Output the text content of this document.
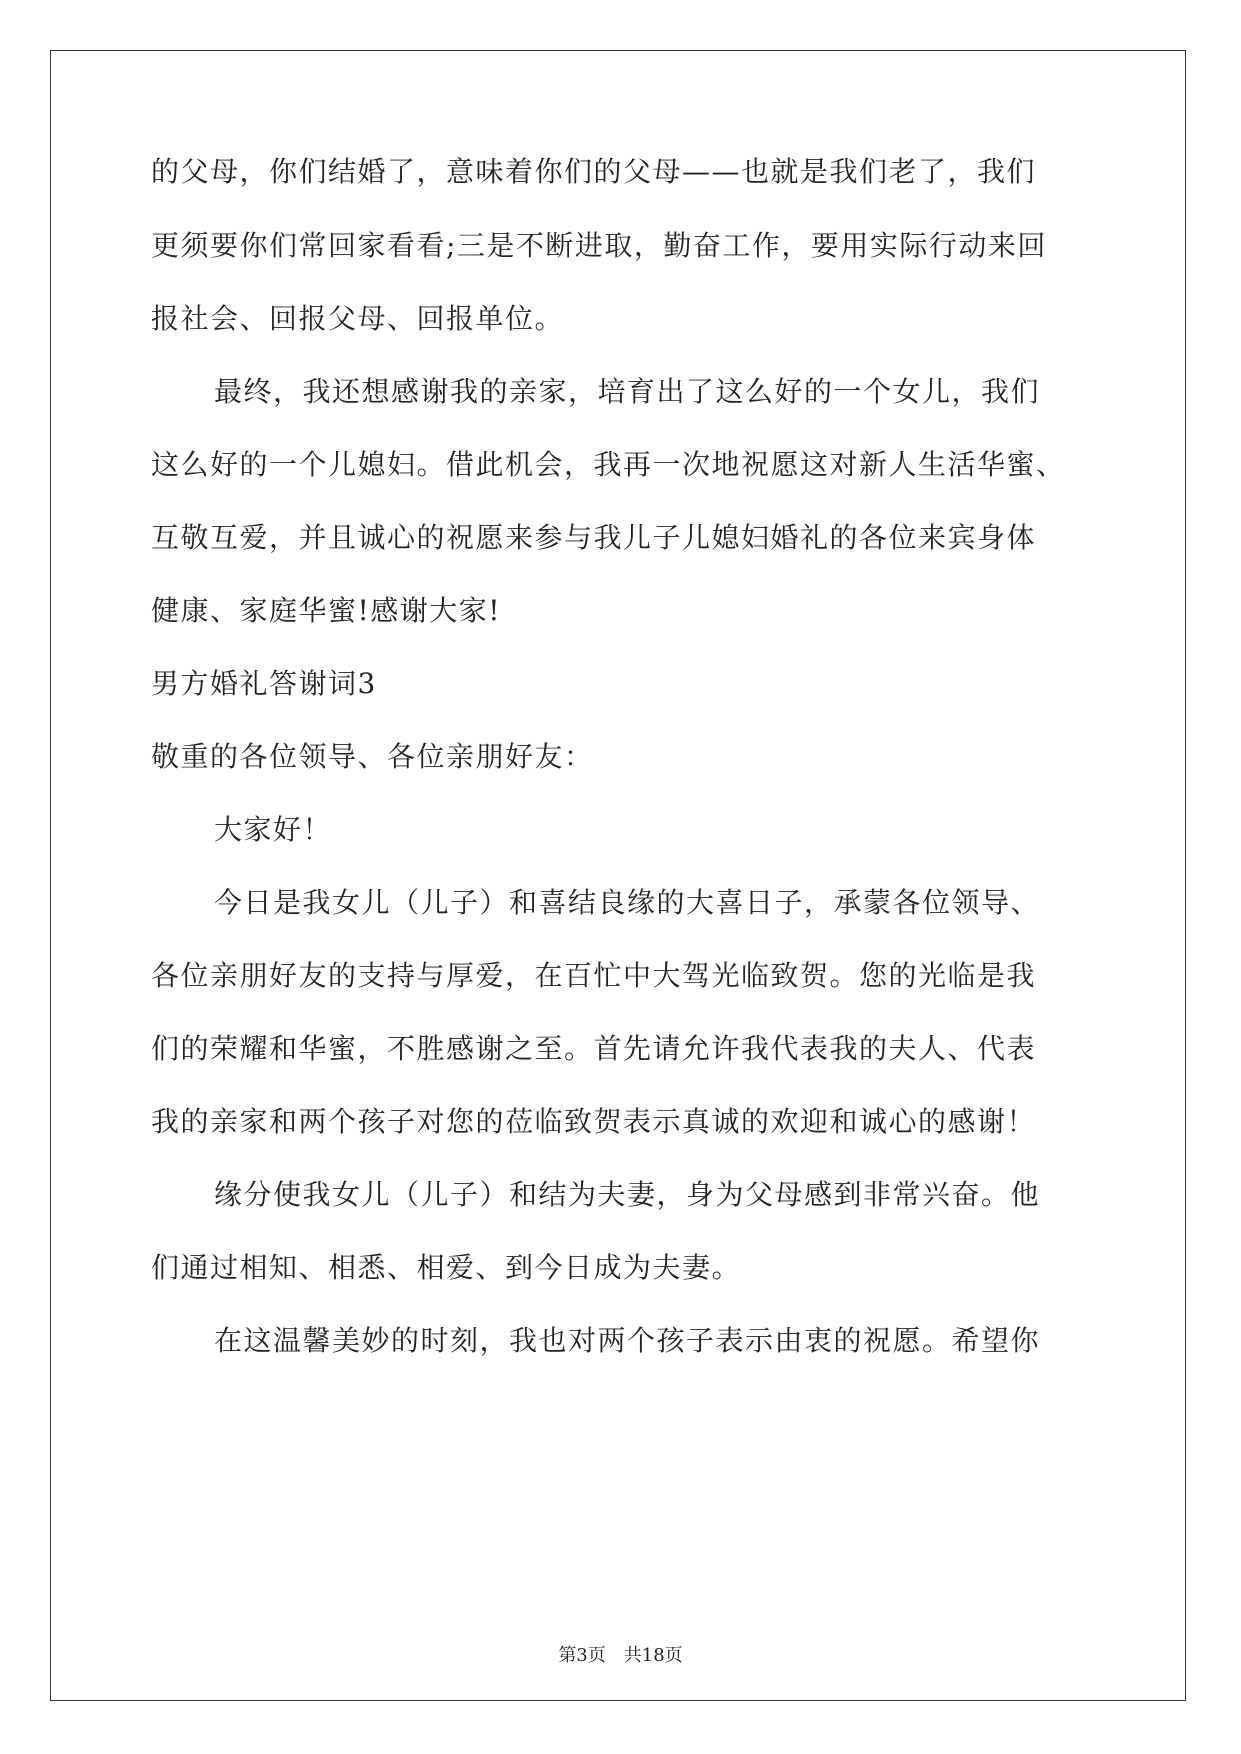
的父母，你们结婚了，意味着你们的父母——也就是我们老了，我们
更须要你们常回家看看;三是不断进取，勤奋工作，要用实际行动来回
报社会、回报父母、回报单位。
最终，我还想感谢我的亲家，培育出了这么好的一个女儿，我们
这么好的一个儿媳妇。借此机会，我再一次地祝愿这对新人生活华蜜、
互敬互爱，并且诚心的祝愿来参与我儿子儿媳妇婚礼的各位来宾身体
健康、家庭华蜜!感谢大家!
男方婚礼答谢词3
敬重的各位领导、各位亲朋好友：
大家好！
今日是我女儿（儿子）和喜结良缘的大喜日子，承蒙各位领导、
各位亲朋好友的支持与厚爱，在百忙中大驾光临致贺。您的光临是我
们的荣耀和华蜜，不胜感谢之至。首先请允许我代表我的夫人、代表
我的亲家和两个孩子对您的莅临致贺表示真诚的欢迎和诚心的感谢！
缘分使我女儿（儿子）和结为夫妻，身为父母感到非常兴奋。他
们通过相知、相悉、相爱、到今日成为夫妻。
在这温馨美妙的时刻，我也对两个孩子表示由衷的祝愿。希望你
第3页 共18页
